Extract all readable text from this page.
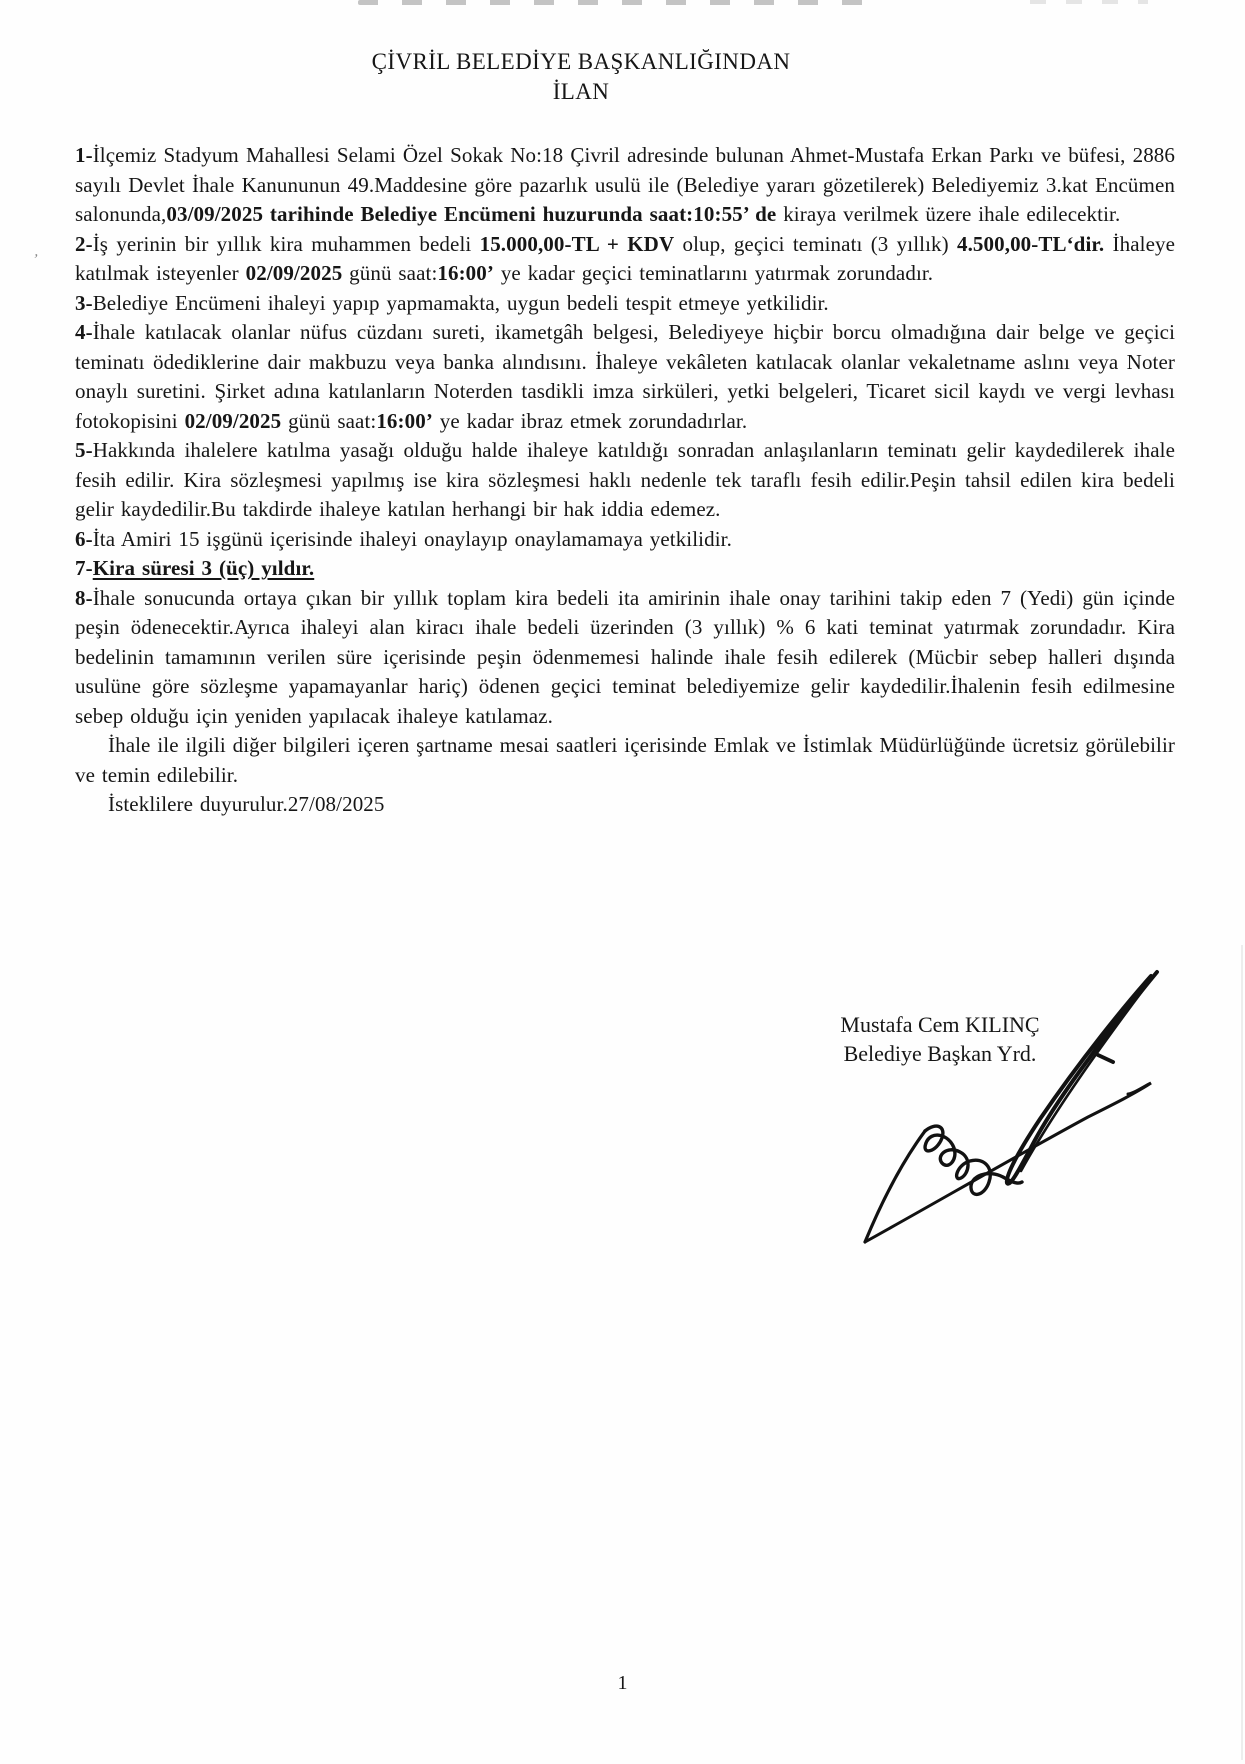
’
ÇİVRİL BELEDİYE BAŞKANLIĞINDAN
İLAN

1-İlçemiz Stadyum Mahallesi Selami Özel Sokak No:18 Çivril adresinde bulunan Ahmet-Mustafa Erkan Parkı ve büfesi, 2886 sayılı Devlet İhale Kanununun 49.Maddesine göre pazarlık usulü ile (Belediye yararı gözetilerek) Belediyemiz 3.kat Encümen salonunda,03/09/2025 tarihinde Belediye Encümeni huzurunda saat:10:55’ de kiraya verilmek üzere ihale edilecektir.

2-İş yerinin bir yıllık kira muhammen bedeli 15.000,00-TL + KDV olup, geçici teminatı (3 yıllık) 4.500,00-TL‘dir. İhaleye katılmak isteyenler 02/09/2025 günü saat:16:00’ ye kadar geçici teminatlarını yatırmak zorundadır.

3-Belediye Encümeni ihaleyi yapıp yapmamakta, uygun bedeli tespit etmeye yetkilidir.

4-İhale katılacak olanlar nüfus cüzdanı sureti, ikametgâh belgesi, Belediyeye hiçbir borcu olmadığına dair belge ve geçici teminatı ödediklerine dair makbuzu veya banka alındısını. İhaleye vekâleten katılacak olanlar vekaletname aslını veya Noter onaylı suretini. Şirket adına katılanların Noterden tasdikli imza sirküleri, yetki belgeleri, Ticaret sicil kaydı ve vergi levhası fotokopisini 02/09/2025 günü saat:16:00’ ye kadar ibraz etmek zorundadırlar.

5-Hakkında ihalelere katılma yasağı olduğu halde ihaleye katıldığı sonradan anlaşılanların teminatı gelir kaydedilerek ihale fesih edilir. Kira sözleşmesi yapılmış ise kira sözleşmesi haklı nedenle tek taraflı fesih edilir.Peşin tahsil edilen kira bedeli gelir kaydedilir.Bu takdirde ihaleye katılan herhangi bir hak iddia edemez.

6-İta Amiri 15 işgünü içerisinde ihaleyi onaylayıp onaylamamaya yetkilidir.

7-Kira süresi 3 (üç) yıldır.

8-İhale sonucunda ortaya çıkan bir yıllık toplam kira bedeli ita amirinin ihale onay tarihini takip eden 7 (Yedi) gün içinde peşin ödenecektir.Ayrıca ihaleyi alan kiracı ihale bedeli üzerinden (3 yıllık) % 6 kati teminat yatırmak zorundadır. Kira bedelinin tamamının verilen süre içerisinde peşin ödenmemesi halinde ihale fesih edilerek (Mücbir sebep halleri dışında usulüne göre sözleşme yapamayanlar hariç) ödenen geçici teminat belediyemize gelir kaydedilir.İhalenin fesih edilmesine sebep olduğu için yeniden yapılacak ihaleye katılamaz.

İhale ile ilgili diğer bilgileri içeren şartname mesai saatleri içerisinde Emlak ve İstimlak Müdürlüğünde ücretsiz görülebilir ve temin edilebilir.

İsteklilere duyurulur.27/08/2025

Mustafa Cem KILINÇ
Belediye Başkan Yrd.
1
